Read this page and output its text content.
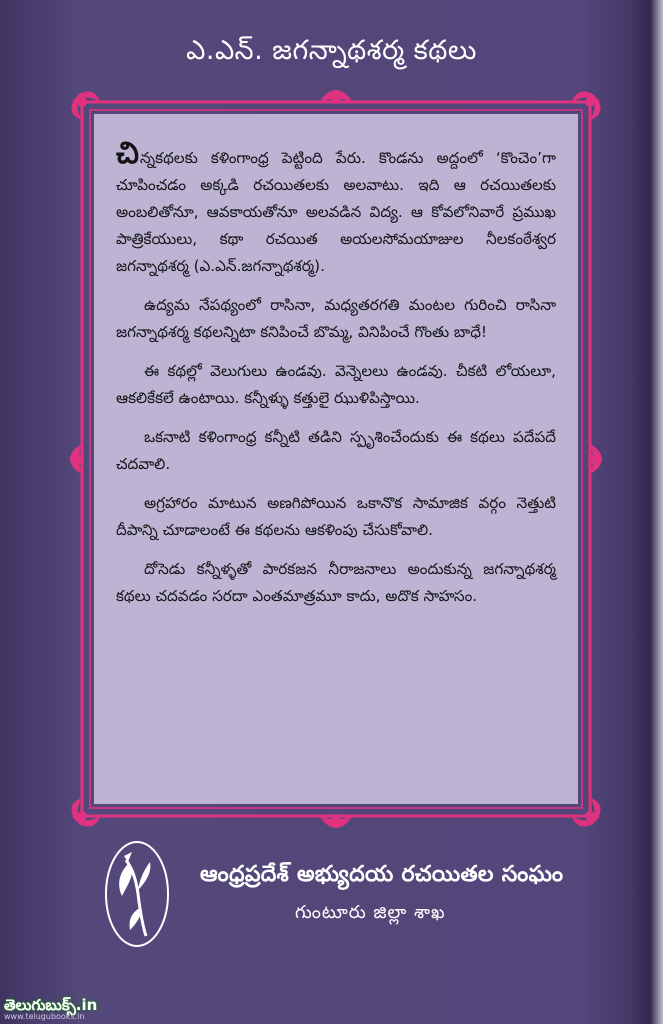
ఎ.ఎన్. జగన్నాథశర్మ కథలు

చిన్నకథలకు కళింగాంధ్ర పెట్టింది పేరు. కొండను అద్దంలో ‘కొంచెం’గా చూపించడం అక్కడి రచయితలకు అలవాటు. ఇది ఆ రచయితలకు అంబలితోనూ, ఆవకాయతోనూ అలవడిన విద్య. ఆ కోవలోనివారే ప్రముఖ పాత్రికేయులు, కథా రచయిత అయలసోమయాజుల నీలకంఠేశ్వర జగన్నాథశర్మ (ఎ.ఎన్.జగన్నాథశర్మ).

ఉద్యమ నేపథ్యంలో రాసినా, మధ్యతరగతి మంటల గురించి రాసినా జగన్నాథశర్మ కథలన్నిటా కనిపించే బొమ్మ, వినిపించే గొంతు బాధే!

ఈ కథల్లో వెలుగులు ఉండవు. వెన్నెలలు ఉండవు. చీకటి లోయలూ, ఆకలికేకలే ఉంటాయి. కన్నీళ్ళు కత్తులై ఝుళిపిస్తాయి.

ఒకనాటి కళింగాంధ్ర కన్నీటి తడిని స్పృశించేందుకు ఈ కథలు పదేపదే చదవాలి.

అగ్రహారం మాటున అణగిపోయిన ఒకానొక సామాజిక వర్గం నెత్తుటి దీపాన్ని చూడాలంటే ఈ కథలను ఆకళింపు చేసుకోవాలి.

దోసెడు కన్నీళ్ళతో పారకజన నీరాజనాలు అందుకున్న జగన్నాథశర్మ కథలు చదవడం సరదా ఎంతమాత్రమూ కాదు, అదొక సాహసం.

ఆంధ్రప్రదేశ్ అభ్యుదయ రచయితల సంఘం
గుంటూరు జిల్లా శాఖ
తెలుగుబుక్స్.in
www.telugubooks.in
